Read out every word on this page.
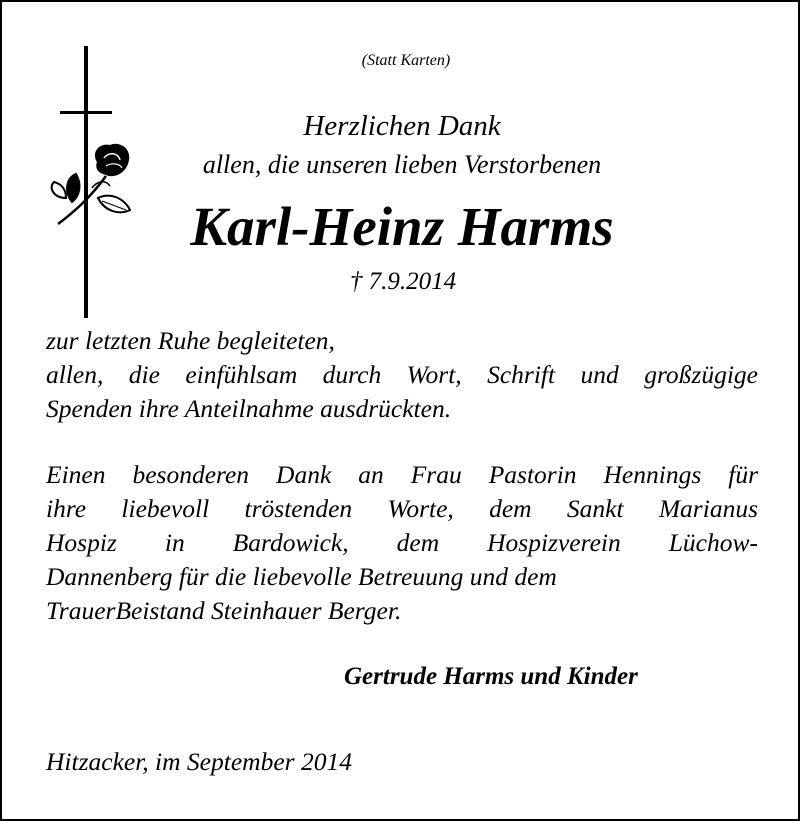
(Statt Karten)
Herzlichen Dank
allen, die unseren lieben Verstorbenen
Karl-Heinz Harms
† 7.9.2014
zur letzten Ruhe begleiteten,
allen, die einfühlsam durch Wort, Schrift und großzügige
Spenden ihre Anteilnahme ausdrückten.
Einen besonderen Dank an Frau Pastorin Hennings für
ihre liebevoll tröstenden Worte, dem Sankt Marianus
Hospiz in Bardowick, dem Hospizverein Lüchow-
Dannenberg für die liebevolle Betreuung und dem
TrauerBeistand Steinhauer Berger.
Gertrude Harms und Kinder
Hitzacker, im September 2014
